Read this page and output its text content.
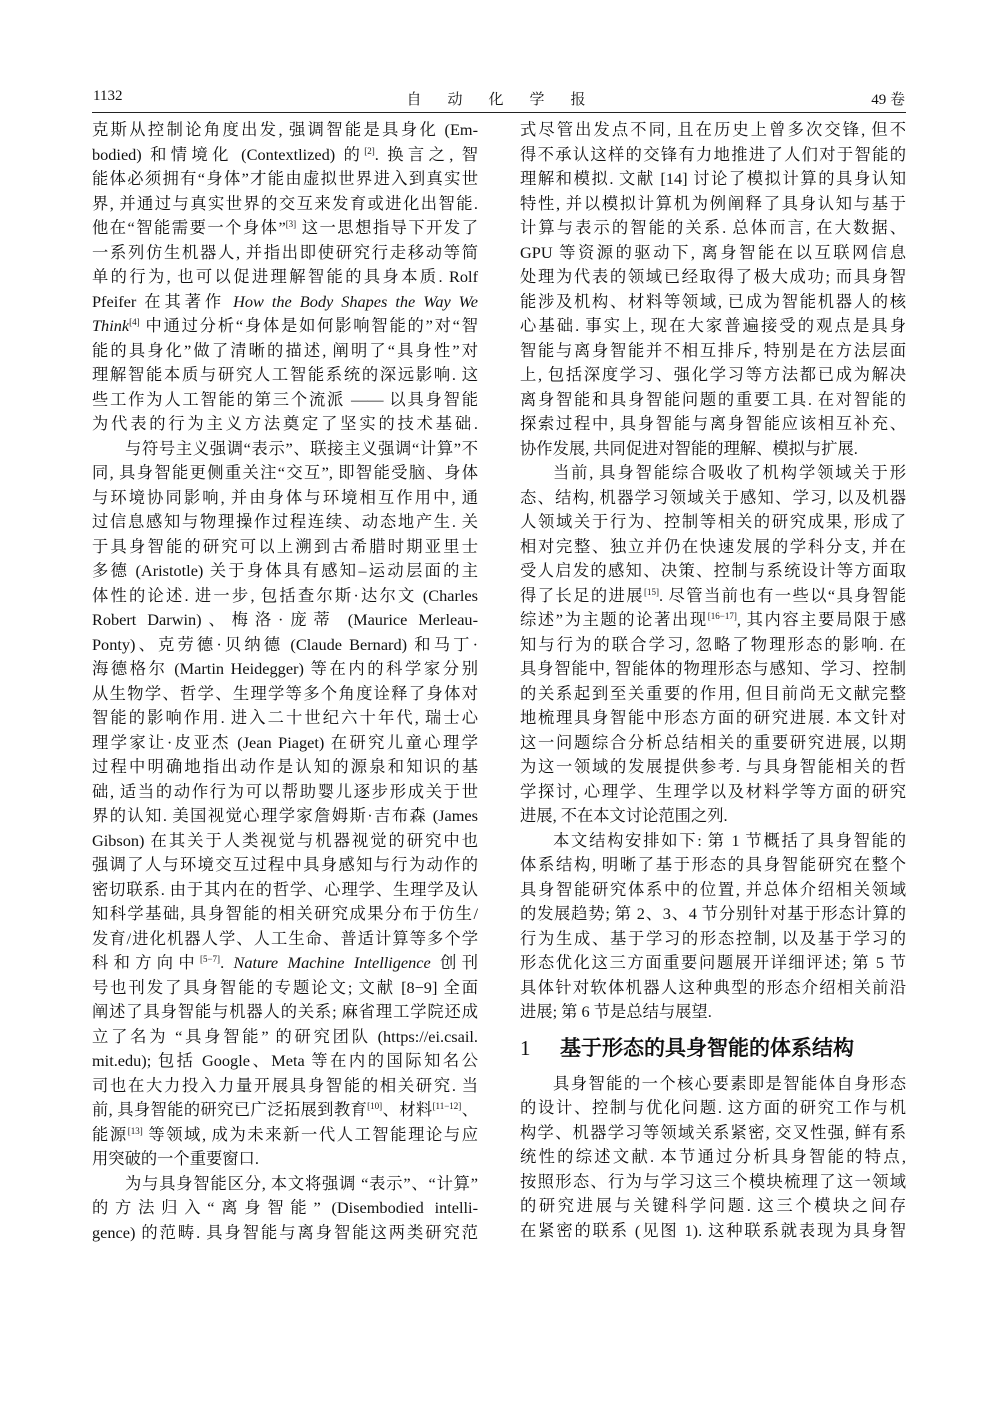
1132	自动化学报	49 卷
克斯从控制论角度出发, 强调智能是具身化 (Em-
bodied) 和情境化 (Contextlized) 的[2]. 换言之, 智
能体必须拥有“身体”才能由虚拟世界进入到真实世
界, 并通过与真实世界的交互来发育或进化出智能.
他在“智能需要一个身体”[3] 这一思想指导下开发了
一系列仿生机器人, 并指出即使研究行走移动等简
单的行为, 也可以促进理解智能的具身本质. Rolf
Pfeifer 在其著作 How the Body Shapes the Way We
Think[4] 中通过分析“身体是如何影响智能的”对“智
能的具身化”做了清晰的描述, 阐明了“具身性”对
理解智能本质与研究人工智能系统的深远影响. 这
些工作为人工智能的第三个流派 —— 以具身智能
为代表的行为主义方法奠定了坚实的技术基础.
与符号主义强调“表示”、联接主义强调“计算”不
同, 具身智能更侧重关注“交互”, 即智能受脑、身体
与环境协同影响, 并由身体与环境相互作用中, 通
过信息感知与物理操作过程连续、动态地产生. 关
于具身智能的研究可以上溯到古希腊时期亚里士
多德 (Aristotle) 关于身体具有感知–运动层面的主
体性的论述. 进一步, 包括查尔斯·达尔文 (Charles
Robert Darwin)、梅洛·庞蒂 (Maurice Merleau-
Ponty)、克劳德·贝纳德 (Claude Bernard) 和马丁·
海德格尔 (Martin Heidegger) 等在内的科学家分别
从生物学、哲学、生理学等多个角度诠释了身体对
智能的影响作用. 进入二十世纪六十年代, 瑞士心
理学家让·皮亚杰 (Jean Piaget) 在研究儿童心理学
过程中明确地指出动作是认知的源泉和知识的基
础, 适当的动作行为可以帮助婴儿逐步形成关于世
界的认知. 美国视觉心理学家詹姆斯·吉布森 (James
Gibson) 在其关于人类视觉与机器视觉的研究中也
强调了人与环境交互过程中具身感知与行为动作的
密切联系. 由于其内在的哲学、心理学、生理学及认
知科学基础, 具身智能的相关研究成果分布于仿生/
发育/进化机器人学、人工生命、普适计算等多个学
科和方向中[5−7]. Nature Machine Intelligence 创刊
号也刊发了具身智能的专题论文; 文献 [8−9] 全面
阐述了具身智能与机器人的关系; 麻省理工学院还成
立了名为 “具身智能” 的研究团队 (https://ei.csail.
mit.edu); 包括 Google、Meta 等在内的国际知名公
司也在大力投入力量开展具身智能的相关研究. 当
前, 具身智能的研究已广泛拓展到教育[10]、材料[11−12]、
能源[13] 等领域, 成为未来新一代人工智能理论与应
用突破的一个重要窗口.
为与具身智能区分, 本文将强调 “表示”、“计算”
的方法归入“离身智能” (Disembodied intelli-
gence) 的范畴. 具身智能与离身智能这两类研究范
式尽管出发点不同, 且在历史上曾多次交锋, 但不
得不承认这样的交锋有力地推进了人们对于智能的
理解和模拟. 文献 [14] 讨论了模拟计算的具身认知
特性, 并以模拟计算机为例阐释了具身认知与基于
计算与表示的智能的关系. 总体而言, 在大数据、
GPU 等资源的驱动下, 离身智能在以互联网信息
处理为代表的领域已经取得了极大成功; 而具身智
能涉及机构、材料等领域, 已成为智能机器人的核
心基础. 事实上, 现在大家普遍接受的观点是具身
智能与离身智能并不相互排斥, 特别是在方法层面
上, 包括深度学习、强化学习等方法都已成为解决
离身智能和具身智能问题的重要工具. 在对智能的
探索过程中, 具身智能与离身智能应该相互补充、
协作发展, 共同促进对智能的理解、模拟与扩展.
当前, 具身智能综合吸收了机构学领域关于形
态、结构, 机器学习领域关于感知、学习, 以及机器
人领域关于行为、控制等相关的研究成果, 形成了
相对完整、独立并仍在快速发展的学科分支, 并在
受人启发的感知、决策、控制与系统设计等方面取
得了长足的进展[15]. 尽管当前也有一些以“具身智能
综述”为主题的论著出现[16−17], 其内容主要局限于感
知与行为的联合学习, 忽略了物理形态的影响. 在
具身智能中, 智能体的物理形态与感知、学习、控制
的关系起到至关重要的作用, 但目前尚无文献完整
地梳理具身智能中形态方面的研究进展. 本文针对
这一问题综合分析总结相关的重要研究进展, 以期
为这一领域的发展提供参考. 与具身智能相关的哲
学探讨, 心理学、生理学以及材料学等方面的研究
进展, 不在本文讨论范围之列.
本文结构安排如下: 第 1 节概括了具身智能的
体系结构, 明晰了基于形态的具身智能研究在整个
具身智能研究体系中的位置, 并总体介绍相关领域
的发展趋势; 第 2、3、4 节分别针对基于形态计算的
行为生成、基于学习的形态控制, 以及基于学习的
形态优化这三方面重要问题展开详细评述; 第 5 节
具体针对软体机器人这种典型的形态介绍相关前沿
进展; 第 6 节是总结与展望.
1 基于形态的具身智能的体系结构
具身智能的一个核心要素即是智能体自身形态
的设计、控制与优化问题. 这方面的研究工作与机
构学、机器学习等领域关系紧密, 交叉性强, 鲜有系
统性的综述文献. 本节通过分析具身智能的特点,
按照形态、行为与学习这三个模块梳理了这一领域
的研究进展与关键科学问题. 这三个模块之间存
在紧密的联系 (见图 1). 这种联系就表现为具身智
